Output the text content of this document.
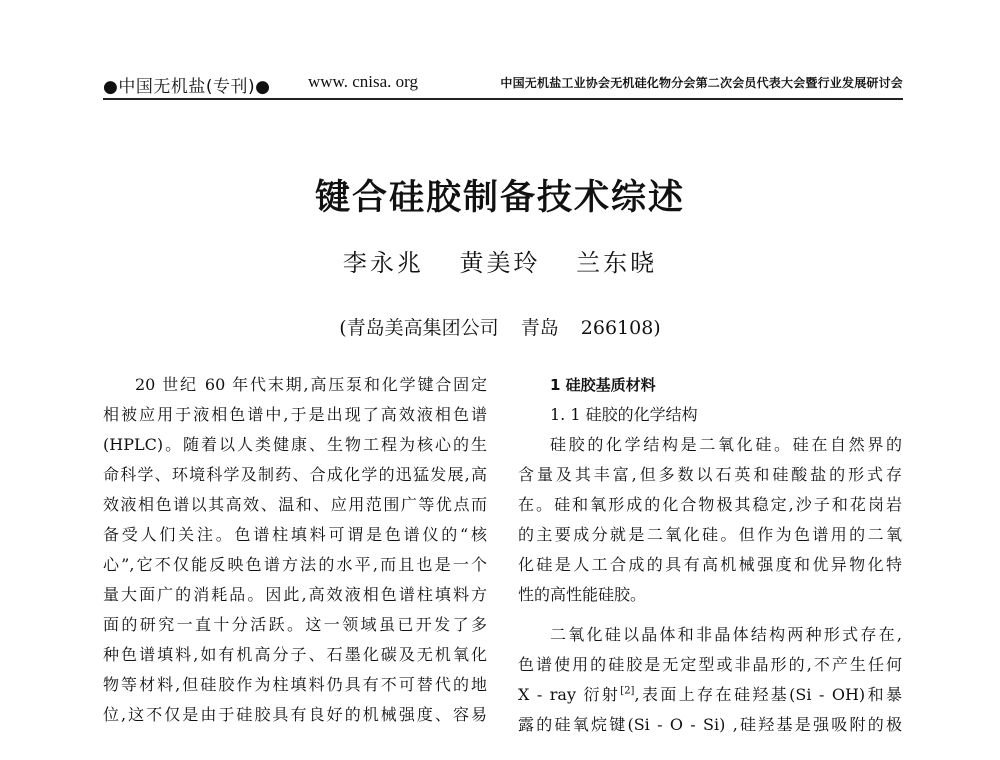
●中国无机盐(专刊)● www. cnisa. org	中国无机盐工业协会无机硅化物分会第二次会员代表大会暨行业发展研讨会
键合硅胶制备技术综述
李永兆 黄美玲 兰东晓
(青岛美高集团公司 青岛 266108)
20 世纪 60 年代末期,高压泵和化学键合固定
相被应用于液相色谱中,于是出现了高效液相色谱
(HPLC)。随着以人类健康、生物工程为核心的生
命科学、环境科学及制药、合成化学的迅猛发展,高
效液相色谱以其高效、温和、应用范围广等优点而
备受人们关注。色谱柱填料可谓是色谱仪的“核
心”,它不仅能反映色谱方法的水平,而且也是一个
量大面广的消耗品。因此,高效液相色谱柱填料方
面的研究一直十分活跃。这一领域虽已开发了多
种色谱填料,如有机高分子、石墨化碳及无机氧化
物等材料,但硅胶作为柱填料仍具有不可替代的地
位,这不仅是由于硅胶具有良好的机械强度、容易
1 硅胶基质材料
1. 1 硅胶的化学结构
硅胶的化学结构是二氧化硅。硅在自然界的
含量及其丰富,但多数以石英和硅酸盐的形式存
在。硅和氧形成的化合物极其稳定,沙子和花岗岩
的主要成分就是二氧化硅。但作为色谱用的二氧
化硅是人工合成的具有高机械强度和优异物化特
性的高性能硅胶。
二氧化硅以晶体和非晶体结构两种形式存在,
色谱使用的硅胶是无定型或非晶形的,不产生任何
X - ray 衍射[2],表面上存在硅羟基(Si - OH)和暴
露的硅氧烷键(Si - O - Si) ,硅羟基是强吸附的极
